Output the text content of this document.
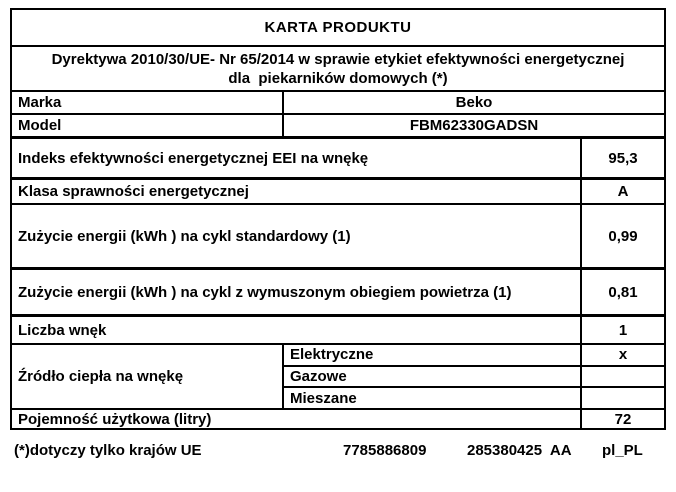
KARTA PRODUKTU
Dyrektywa 2010/30/UE- Nr 65/2014 w sprawie etykiet efektywności energetycznej
dla  piekarników domowych (*)
Marka	Beko
Model	FBM62330GADSN
Indeks efektywności energetycznej EEI na wnękę	95,3
Klasa sprawności energetycznej	A
Zużycie energii (kWh ) na cykl standardowy (1)	0,99
Zużycie energii (kWh ) na cykl z wymuszonym obiegiem powietrza (1)	0,81
Liczba wnęk	1
Źródło ciepła na wnękę
Elektryczne	x
Gazowe
Mieszane
Pojemność użytkowa (litry)	72
(*)dotyczy tylko krajów UE	7785886809	285380425  AA pl_PL
